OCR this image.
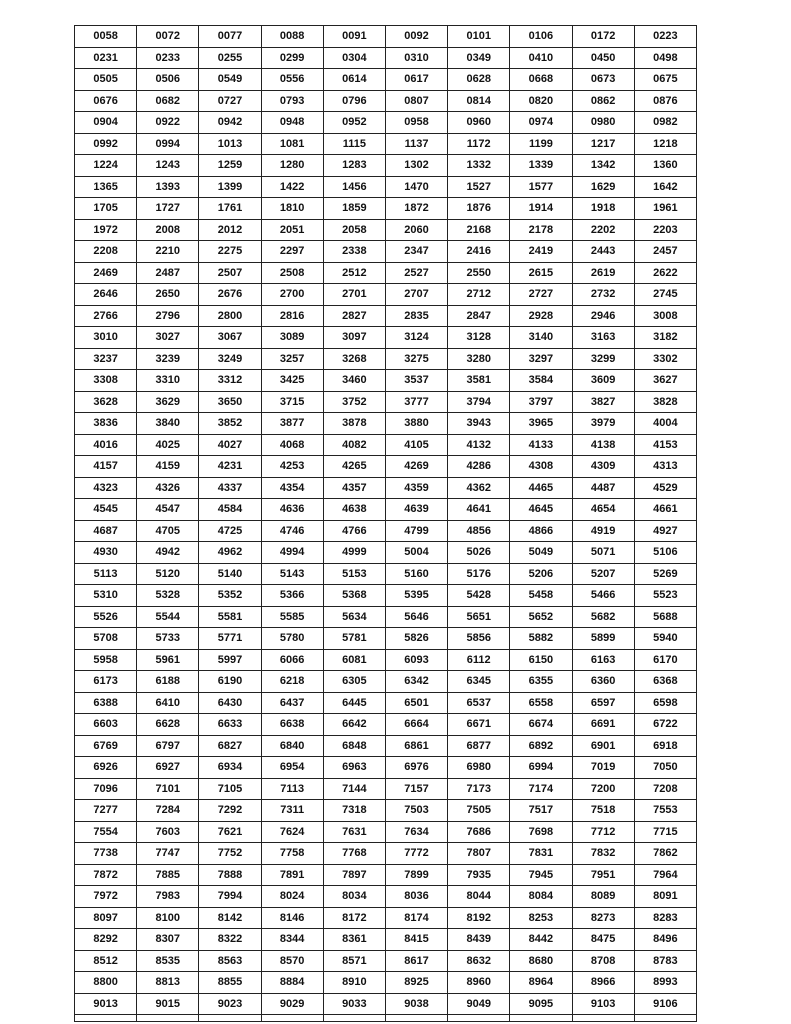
0058	0072	0077	0088	0091	0092	0101	0106	0172	0223
0231	0233	0255	0299	0304	0310	0349	0410	0450	0498
0505	0506	0549	0556	0614	0617	0628	0668	0673	0675
0676	0682	0727	0793	0796	0807	0814	0820	0862	0876
0904	0922	0942	0948	0952	0958	0960	0974	0980	0982
0992	0994	1013	1081	1115	1137	1172	1199	1217	1218
1224	1243	1259	1280	1283	1302	1332	1339	1342	1360
1365	1393	1399	1422	1456	1470	1527	1577	1629	1642
1705	1727	1761	1810	1859	1872	1876	1914	1918	1961
1972	2008	2012	2051	2058	2060	2168	2178	2202	2203
2208	2210	2275	2297	2338	2347	2416	2419	2443	2457
2469	2487	2507	2508	2512	2527	2550	2615	2619	2622
2646	2650	2676	2700	2701	2707	2712	2727	2732	2745
2766	2796	2800	2816	2827	2835	2847	2928	2946	3008
3010	3027	3067	3089	3097	3124	3128	3140	3163	3182
3237	3239	3249	3257	3268	3275	3280	3297	3299	3302
3308	3310	3312	3425	3460	3537	3581	3584	3609	3627
3628	3629	3650	3715	3752	3777	3794	3797	3827	3828
3836	3840	3852	3877	3878	3880	3943	3965	3979	4004
4016	4025	4027	4068	4082	4105	4132	4133	4138	4153
4157	4159	4231	4253	4265	4269	4286	4308	4309	4313
4323	4326	4337	4354	4357	4359	4362	4465	4487	4529
4545	4547	4584	4636	4638	4639	4641	4645	4654	4661
4687	4705	4725	4746	4766	4799	4856	4866	4919	4927
4930	4942	4962	4994	4999	5004	5026	5049	5071	5106
5113	5120	5140	5143	5153	5160	5176	5206	5207	5269
5310	5328	5352	5366	5368	5395	5428	5458	5466	5523
5526	5544	5581	5585	5634	5646	5651	5652	5682	5688
5708	5733	5771	5780	5781	5826	5856	5882	5899	5940
5958	5961	5997	6066	6081	6093	6112	6150	6163	6170
6173	6188	6190	6218	6305	6342	6345	6355	6360	6368
6388	6410	6430	6437	6445	6501	6537	6558	6597	6598
6603	6628	6633	6638	6642	6664	6671	6674	6691	6722
6769	6797	6827	6840	6848	6861	6877	6892	6901	6918
6926	6927	6934	6954	6963	6976	6980	6994	7019	7050
7096	7101	7105	7113	7144	7157	7173	7174	7200	7208
7277	7284	7292	7311	7318	7503	7505	7517	7518	7553
7554	7603	7621	7624	7631	7634	7686	7698	7712	7715
7738	7747	7752	7758	7768	7772	7807	7831	7832	7862
7872	7885	7888	7891	7897	7899	7935	7945	7951	7964
7972	7983	7994	8024	8034	8036	8044	8084	8089	8091
8097	8100	8142	8146	8172	8174	8192	8253	8273	8283
8292	8307	8322	8344	8361	8415	8439	8442	8475	8496
8512	8535	8563	8570	8571	8617	8632	8680	8708	8783
8800	8813	8855	8884	8910	8925	8960	8964	8966	8993
9013	9015	9023	9029	9033	9038	9049	9095	9103	9106
